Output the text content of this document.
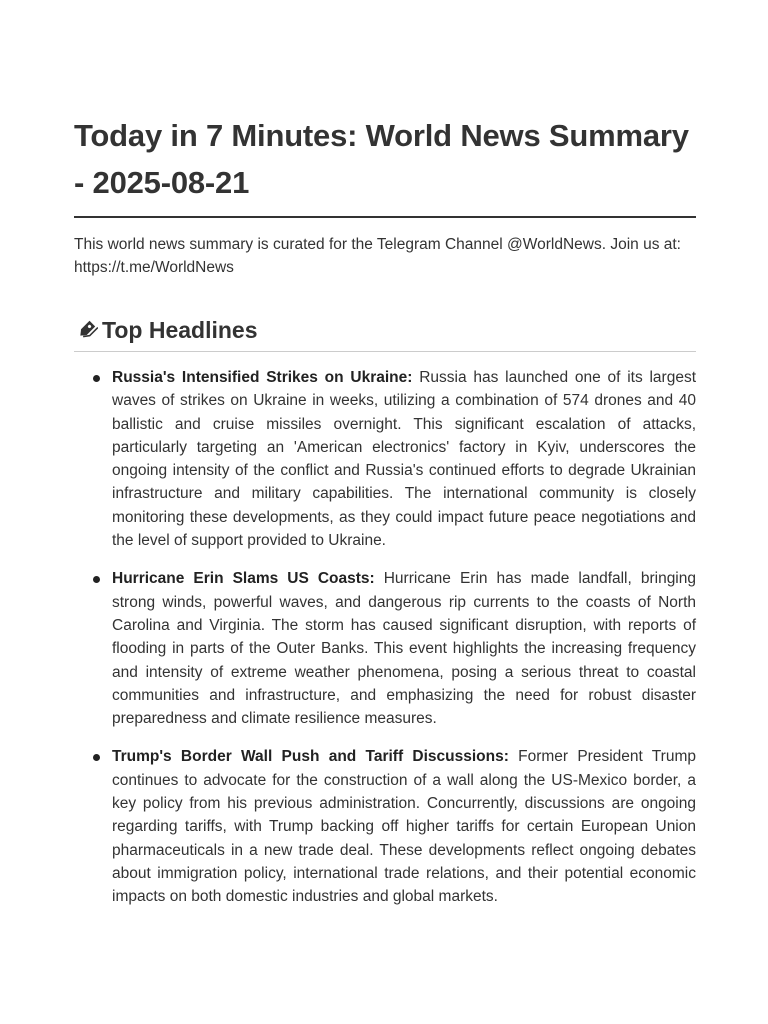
Today in 7 Minutes: World News Summary - 2025-08-21

This world news summary is curated for the Telegram Channel @WorldNews. Join us at: https://t.me/WorldNews

Top Headlines
Russia's Intensified Strikes on Ukraine: Russia has launched one of its largest waves of strikes on Ukraine in weeks, utilizing a combination of 574 drones and 40 ballistic and cruise missiles overnight. This significant escalation of attacks, particularly targeting an 'American electronics' factory in Kyiv, underscores the ongoing intensity of the conflict and Russia's continued efforts to degrade Ukrainian infrastructure and military capabilities. The international community is closely monitoring these developments, as they could impact future peace negotiations and the level of support provided to Ukraine.
Hurricane Erin Slams US Coasts: Hurricane Erin has made landfall, bringing strong winds, powerful waves, and dangerous rip currents to the coasts of North Carolina and Virginia. The storm has caused significant disruption, with reports of flooding in parts of the Outer Banks. This event highlights the increasing frequency and intensity of extreme weather phenomena, posing a serious threat to coastal communities and infrastructure, and emphasizing the need for robust disaster preparedness and climate resilience measures.
Trump's Border Wall Push and Tariff Discussions: Former President Trump continues to advocate for the construction of a wall along the US-Mexico border, a key policy from his previous administration. Concurrently, discussions are ongoing regarding tariffs, with Trump backing off higher tariffs for certain European Union pharmaceuticals in a new trade deal. These developments reflect ongoing debates about immigration policy, international trade relations, and their potential economic impacts on both domestic industries and global markets.
